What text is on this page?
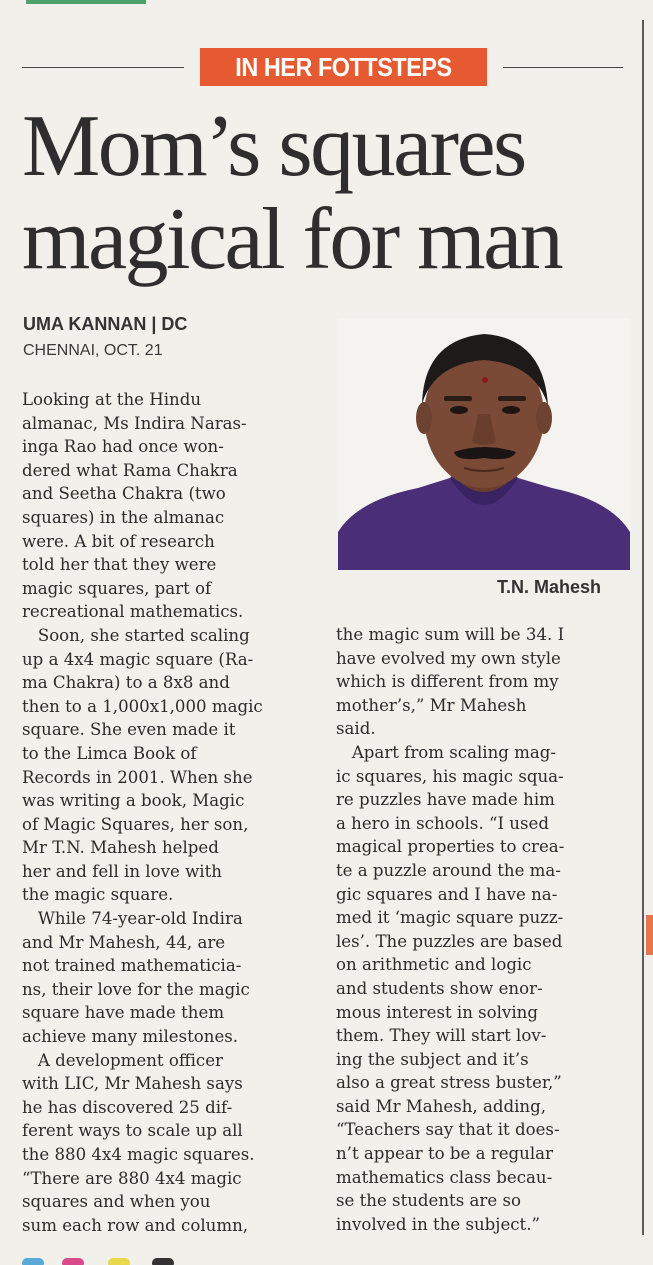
IN HER FOTTSTEPS
Mom’s squares
magical for man
UMA KANNAN | DC
CHENNAI, OCT. 21
T.N. Mahesh
Looking at the Hindu
almanac, Ms Indira Naras-
inga Rao had once won-
dered what Rama Chakra
and Seetha Chakra (two
squares) in the almanac
were. A bit of research
told her that they were
magic squares, part of
recreational mathematics.
Soon, she started scaling
up a 4x4 magic square (Ra-
ma Chakra) to a 8x8 and
then to a 1,000x1,000 magic
square. She even made it
to the Limca Book of
Records in 2001. When she
was writing a book, Magic
of Magic Squares, her son,
Mr T.N. Mahesh helped
her and fell in love with
the magic square.
While 74-year-old Indira
and Mr Mahesh, 44, are
not trained mathematicia-
ns, their love for the magic
square have made them
achieve many milestones.
A development officer
with LIC, Mr Mahesh says
he has discovered 25 dif-
ferent ways to scale up all
the 880 4x4 magic squares.
“There are 880 4x4 magic
squares and when you
sum each row and column,
the magic sum will be 34. I
have evolved my own style
which is different from my
mother’s,” Mr Mahesh
said.
Apart from scaling mag-
ic squares, his magic squa-
re puzzles have made him
a hero in schools. “I used
magical properties to crea-
te a puzzle around the ma-
gic squares and I have na-
med it ‘magic square puzz-
les’. The puzzles are based
on arithmetic and logic
and students show enor-
mous interest in solving
them. They will start lov-
ing the subject and it’s
also a great stress buster,”
said Mr Mahesh, adding,
“Teachers say that it does-
n’t appear to be a regular
mathematics class becau-
se the students are so
involved in the subject.”
